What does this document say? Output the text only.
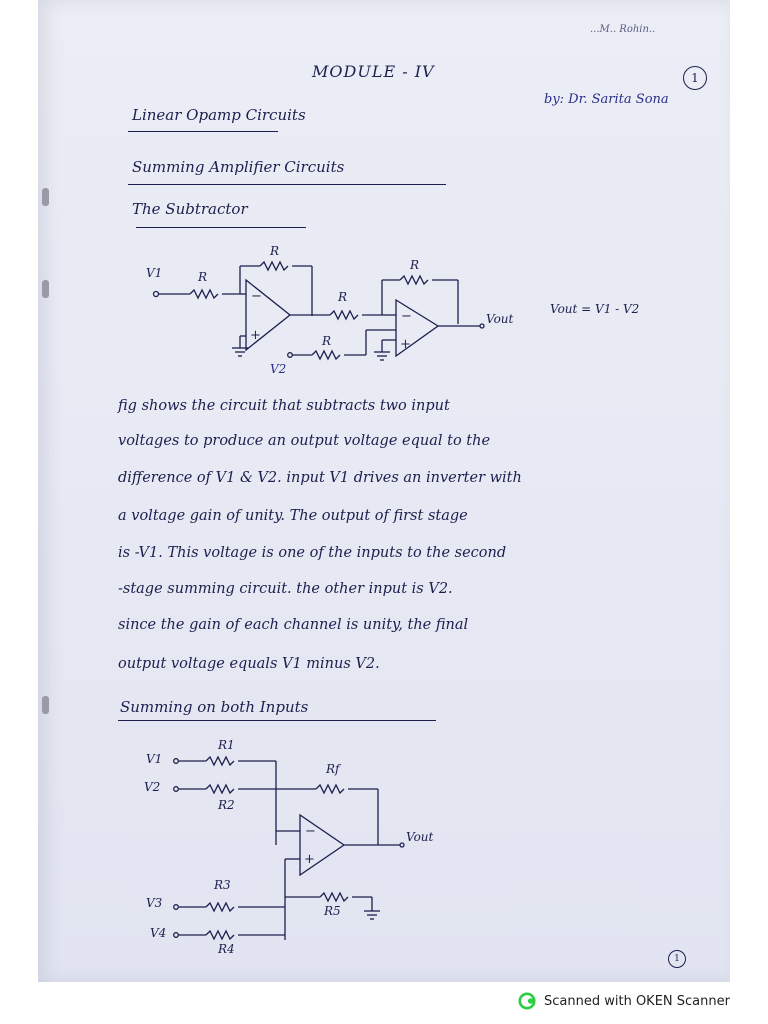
...M.. Rohin..
MODULE - IV	1
by: Dr. Sarita Sona
Linear Opamp Circuits
Summing Amplifier Circuits
The Subtractor
−
+
−
+
V1	R
R
R
R
R
V2
Vout
Vout = V1 - V2
fig shows the circuit that subtracts two input
voltages to produce an output voltage equal to the
difference of V1 & V2. input V1 drives an inverter with
a voltage gain of unity. The output of first stage
is -V1. This voltage is one of the inputs to the second
-stage summing circuit. the other input is V2.
since the gain of each channel is unity, the final
output voltage equals V1 minus V2.
Summing on both Inputs
−
+
R1
V1
Rf
V2
R2
Vout
R3
V3
R5
V4
R4
1
Scanned with OKEN Scanner
